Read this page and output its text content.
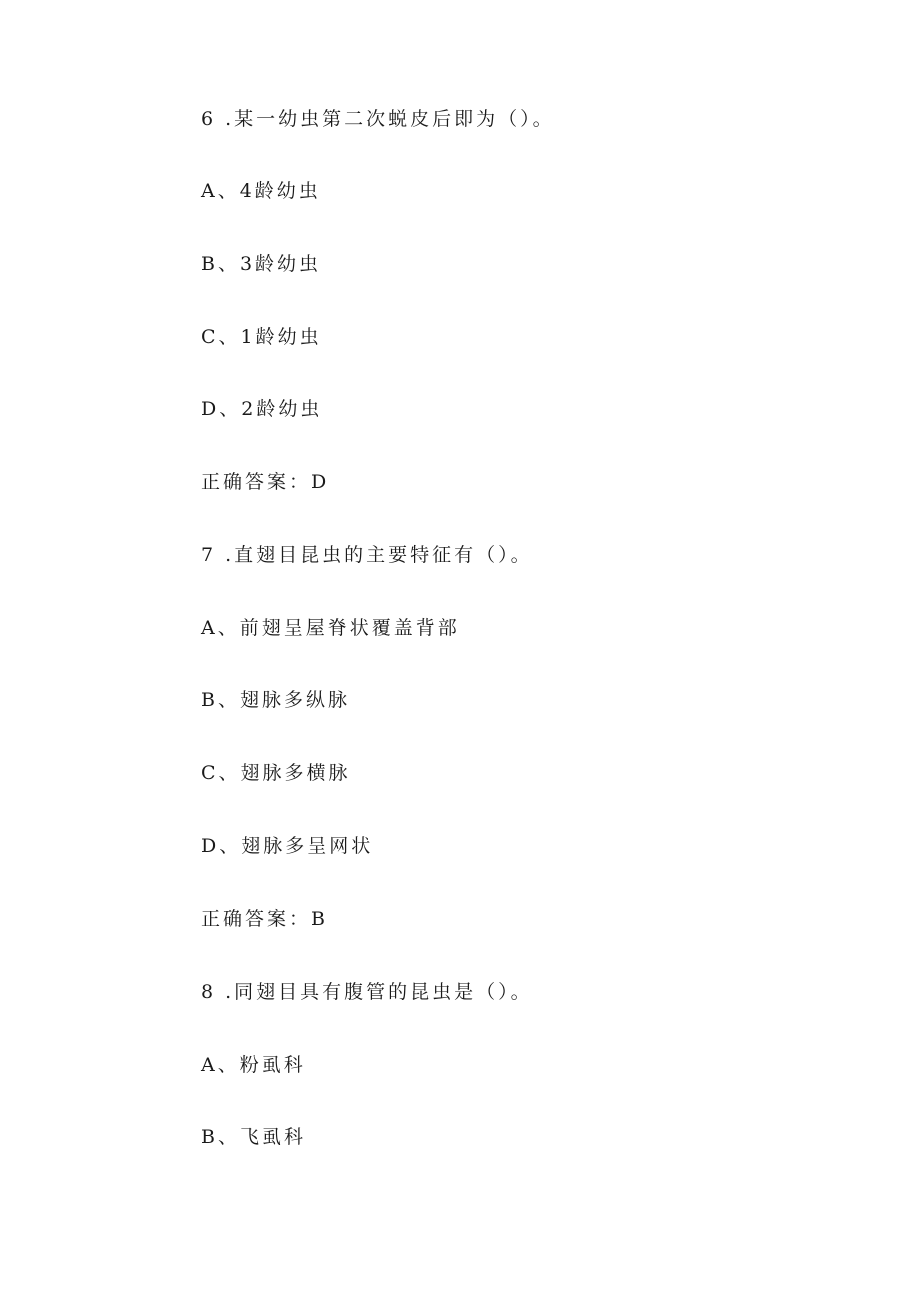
6 .某一幼虫第二次蜕皮后即为（）。
A、4龄幼虫
B、3龄幼虫
C、1龄幼虫
D、2龄幼虫
正确答案：D
7 .直翅目昆虫的主要特征有（）。
A、前翅呈屋脊状覆盖背部
B、翅脉多纵脉
C、翅脉多横脉
D、翅脉多呈网状
正确答案：B
8 .同翅目具有腹管的昆虫是（）。
A、粉虱科
B、飞虱科
